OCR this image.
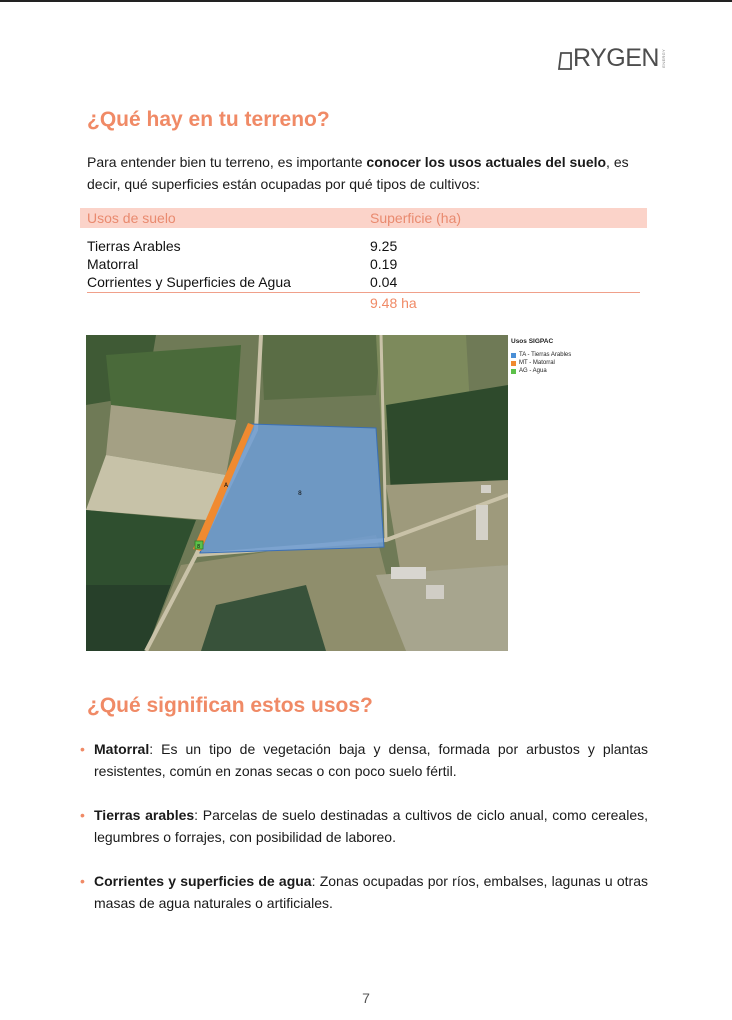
RYGEN ENERGY
¿Qué hay en tu terreno?

Para entender bien tu terreno, es importante conocer los usos actuales del suelo, es decir, qué superficies están ocupadas por qué tipos de cultivos:

Usos de suelo	Superficie (ha)
Tierras Arables	9.25
Matorral	0.19
Corrientes y Superficies de Agua	0.04
9.48 ha
8
A
8
Usos SIGPAC
TA - Tierras Arables
MT - Matorral
AG - Agua
¿Qué significan estos usos?
• Matorral: Es un tipo de vegetación baja y densa, formada por arbustos y plantas resistentes, común en zonas secas o con poco suelo fértil.
• Tierras arables: Parcelas de suelo destinadas a cultivos de ciclo anual, como cereales, legumbres o forrajes, con posibilidad de laboreo.
• Corrientes y superficies de agua: Zonas ocupadas por ríos, embalses, lagunas u otras masas de agua naturales o artificiales.
7
